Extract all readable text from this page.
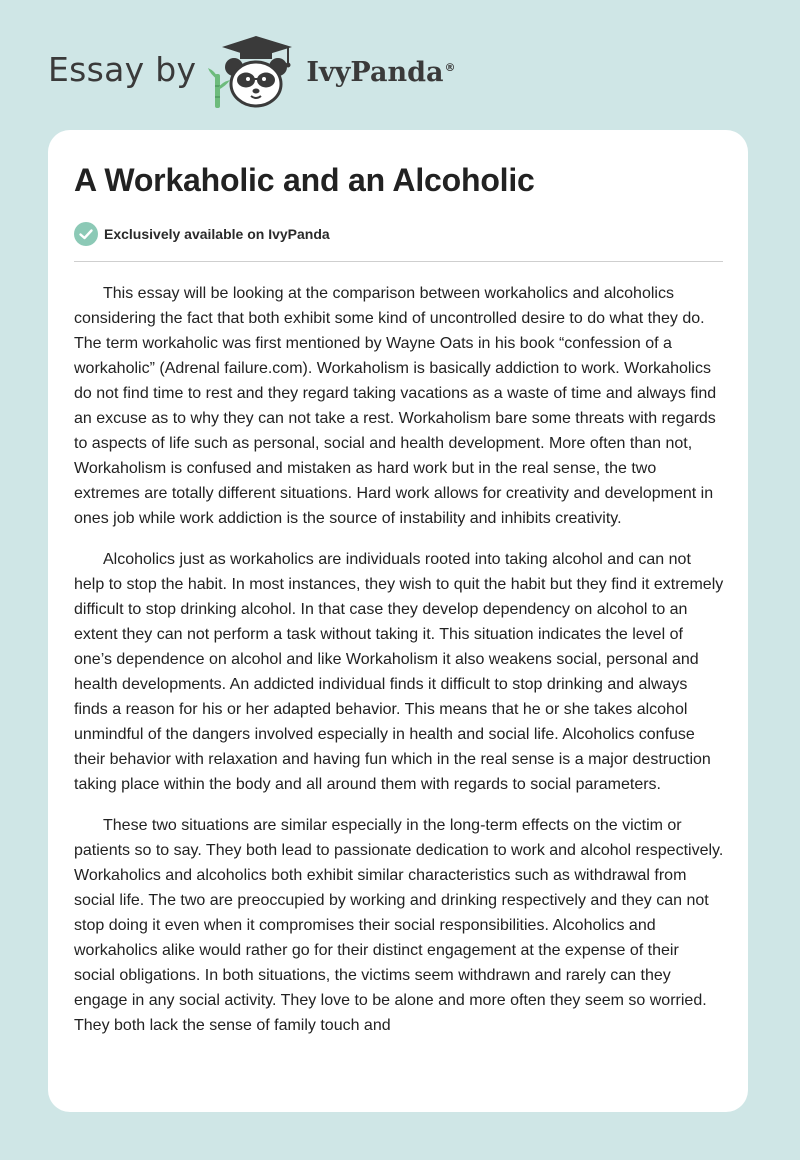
Essay by	IvyPanda®
A Workaholic and an Alcoholic
Exclusively available on IvyPanda

This essay will be looking at the comparison between workaholics and alcoholics considering the fact that both exhibit some kind of uncontrolled desire to do what they do. The term workaholic was first mentioned by Wayne Oats in his book “confession of a workaholic” (Adrenal failure.com). Workaholism is basically addiction to work. Workaholics do not find time to rest and they regard taking vacations as a waste of time and always find an excuse as to why they can not take a rest. Workaholism bare some threats with regards to aspects of life such as personal, social and health development. More often than not, Workaholism is confused and mistaken as hard work but in the real sense, the two extremes are totally different situations. Hard work allows for creativity and development in ones job while work addiction is the source of instability and inhibits creativity.

Alcoholics just as workaholics are individuals rooted into taking alcohol and can not help to stop the habit. In most instances, they wish to quit the habit but they find it extremely difficult to stop drinking alcohol. In that case they develop dependency on alcohol to an extent they can not perform a task without taking it. This situation indicates the level of one’s dependence on alcohol and like Workaholism it also weakens social, personal and health developments. An addicted individual finds it difficult to stop drinking and always finds a reason for his or her adapted behavior. This means that he or she takes alcohol unmindful of the dangers involved especially in health and social life. Alcoholics confuse their behavior with relaxation and having fun which in the real sense is a major destruction taking place within the body and all around them with regards to social parameters.

These two situations are similar especially in the long-term effects on the victim or patients so to say. They both lead to passionate dedication to work and alcohol respectively. Workaholics and alcoholics both exhibit similar characteristics such as withdrawal from social life. The two are preoccupied by working and drinking respectively and they can not stop doing it even when it compromises their social responsibilities. Alcoholics and workaholics alike would rather go for their distinct engagement at the expense of their social obligations. In both situations, the victims seem withdrawn and rarely can they engage in any social activity. They love to be alone and more often they seem so worried. They both lack the sense of family touch and
